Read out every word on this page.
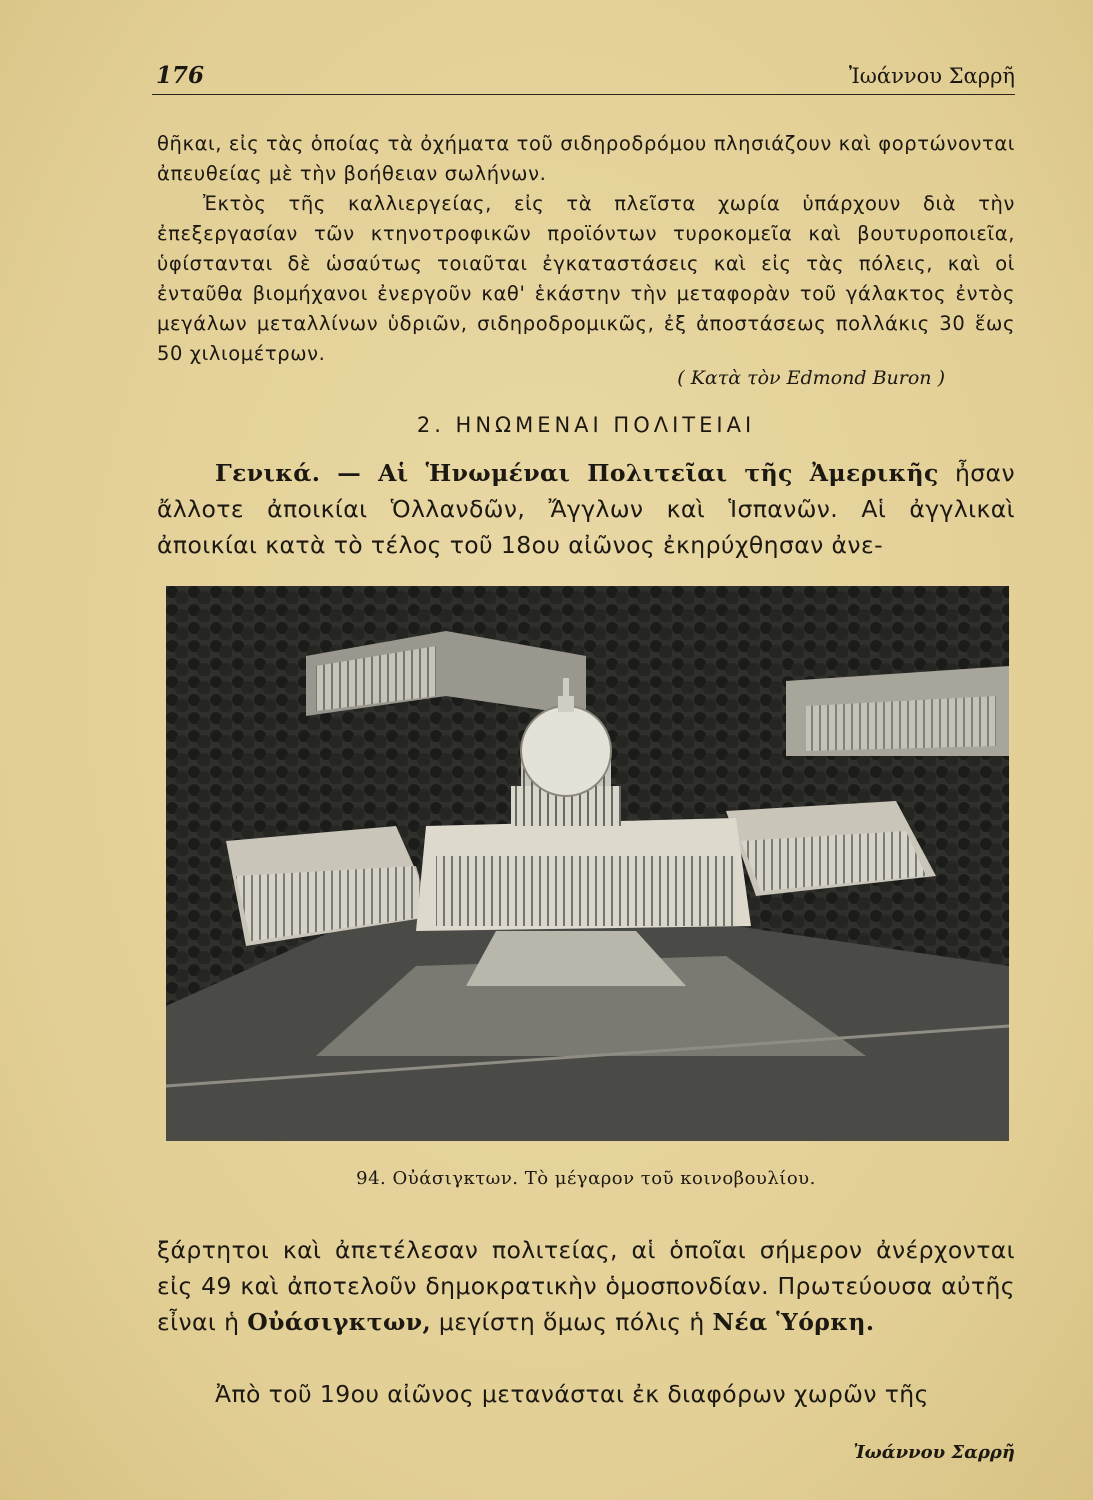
176	Ἰωάννου Σαρρῆ
θῆκαι, εἰς τὰς ὁποίας τὰ ὀχήματα τοῦ σιδηροδρόμου πλησιάζουν καὶ φορτώνονται ἀπευθείας μὲ τὴν βοήθειαν σωλήνων.
Ἐκτὸς τῆς καλλιεργείας, εἰς τὰ πλεῖστα χωρία ὑπάρχουν διὰ τὴν ἐπεξεργασίαν τῶν κτηνοτροφικῶν προϊόντων τυροκομεῖα καὶ βουτυροποιεῖα, ὑφίστανται δὲ ὡσαύτως τοιαῦται ἐγκαταστάσεις καὶ εἰς τὰς πόλεις, καὶ οἱ ἐνταῦθα βιομήχανοι ἐνεργοῦν καθ' ἑκάστην τὴν μεταφορὰν τοῦ γάλακτος ἐντὸς μεγάλων μεταλλίνων ὑδριῶν, σιδηροδρομικῶς, ἐξ ἀποστάσεως πολλάκις 30 ἕως 50 χιλιομέτρων.
( Κατὰ τὸν Edmond Buron )
2. ΗΝΩΜΕΝΑΙ ΠΟΛΙΤΕΙΑΙ
Γενικά. — Αἱ Ἡνωμέναι Πολιτεῖαι τῆς Ἀμερικῆς ἦσαν ἄλλοτε ἀποικίαι Ὁλλανδῶν, Ἄγγλων καὶ Ἱσπανῶν. Αἱ ἀγγλικαὶ ἀποικίαι κατὰ τὸ τέλος τοῦ 18ου αἰῶνος ἐκηρύχθησαν ἀνε-
94. Οὐάσιγκτων. Τὸ μέγαρον τοῦ κοινοβουλίου.
ξάρτητοι καὶ ἀπετέλεσαν πολιτείας, αἱ ὁποῖαι σήμερον ἀνέρχονται εἰς 49 καὶ ἀποτελοῦν δημοκρατικὴν ὁμοσπονδίαν. Πρωτεύουσα αὐτῆς εἶναι ἡ Οὐάσιγκτων, μεγίστη ὅμως πόλις ἡ Νέα Ὑόρκη.
Ἀπὸ τοῦ 19ου αἰῶνος μετανάσται ἐκ διαφόρων χωρῶν τῆς
Ἰωάννου Σαρρῆ
